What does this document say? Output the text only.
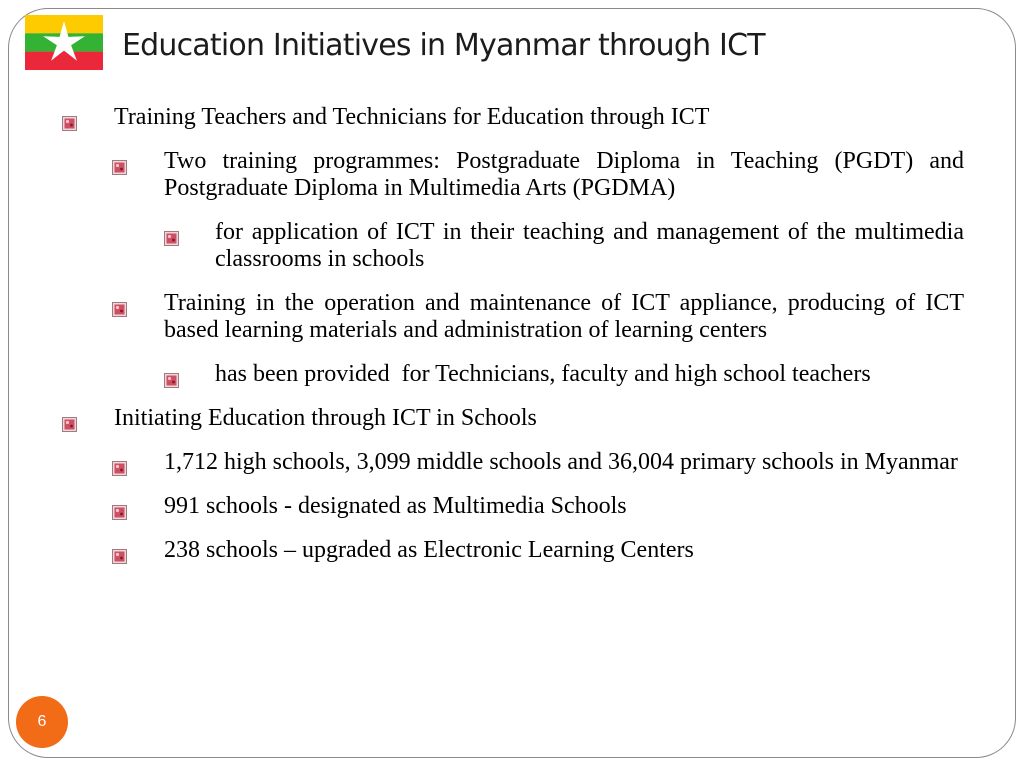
Education Initiatives in Myanmar through ICT
Training Teachers and Technicians for Education through ICT
Two training programmes: Postgraduate Diploma in Teaching (PGDT) and Postgraduate Diploma in Multimedia Arts (PGDMA)
for application of ICT in their teaching and management of the multimedia classrooms in schools
Training in the operation and maintenance of ICT appliance, producing of ICT based learning materials and administration of learning centers
has been provided  for Technicians, faculty and high school teachers
Initiating Education through ICT in Schools
1,712 high schools, 3,099 middle schools and 36,004 primary schools in Myanmar
991 schools - designated as Multimedia Schools
238 schools – upgraded as Electronic Learning Centers
6
